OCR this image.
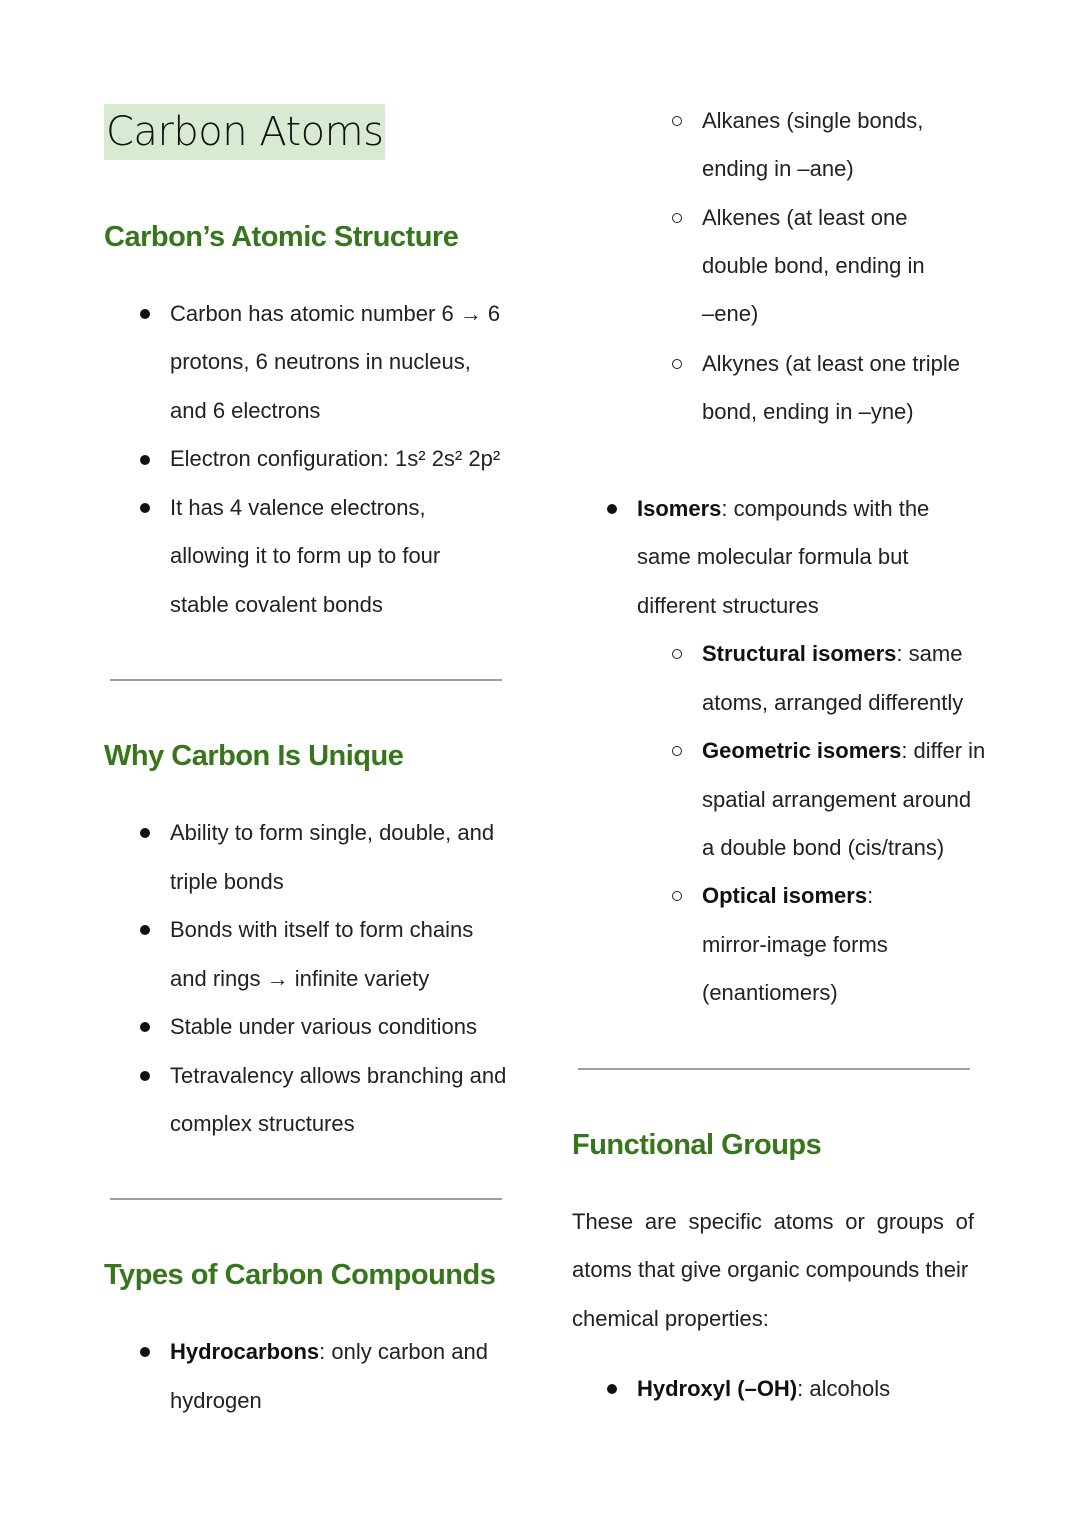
Carbon Atoms
Carbon’s Atomic Structure
Carbon has atomic number 6 → 6
protons, 6 neutrons in nucleus,
and 6 electrons
Electron configuration: 1s² 2s² 2p²
It has 4 valence electrons,
allowing it to form up to four
stable covalent bonds
Why Carbon Is Unique
Ability to form single, double, and
triple bonds
Bonds with itself to form chains
and rings → infinite variety
Stable under various conditions
Tetravalency allows branching and
complex structures
Types of Carbon Compounds
Hydrocarbons: only carbon and
hydrogen
Alkanes (single bonds,
ending in –ane)
Alkenes (at least one
double bond, ending in
–ene)
Alkynes (at least one triple
bond, ending in –yne)
Isomers: compounds with the
same molecular formula but
different structures
Structural isomers: same
atoms, arranged differently
Geometric isomers: differ in
spatial arrangement around
a double bond (cis/trans)
Optical isomers:
mirror-image forms
(enantiomers)
Functional Groups
These are specific atoms or groups of
atoms that give organic compounds their
chemical properties:
Hydroxyl (–OH): alcohols
